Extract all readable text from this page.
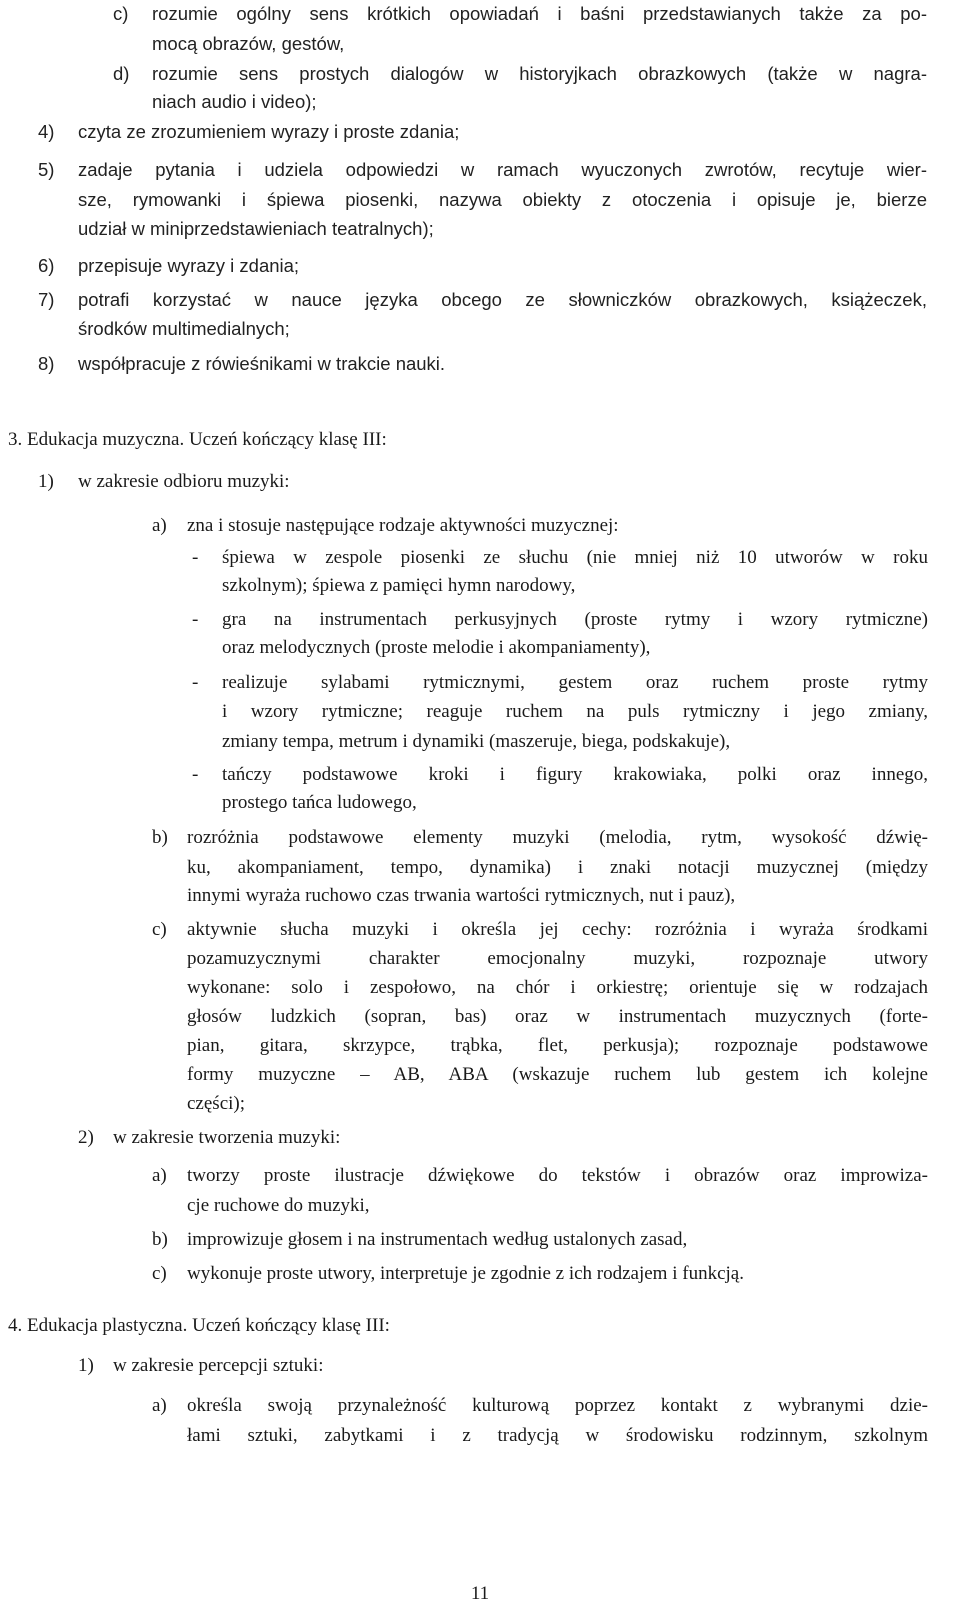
c) rozumie ogólny sens krótkich opowiadań i baśni przedstawianych także za po-
mocą obrazów, gestów,
d) rozumie sens prostych dialogów w historyjkach obrazkowych (także w nagra-
niach audio i video);
4) czyta ze zrozumieniem wyrazy i proste zdania;
5) zadaje pytania i udziela odpowiedzi w ramach wyuczonych zwrotów, recytuje wier-
sze, rymowanki i śpiewa piosenki, nazywa obiekty z otoczenia i opisuje je, bierze
udział w miniprzedstawieniach teatralnych);
6) przepisuje wyrazy i zdania;
7) potrafi korzystać w nauce języka obcego ze słowniczków obrazkowych, książeczek,
środków multimedialnych;
8) współpracuje z rówieśnikami w trakcie nauki.
3. Edukacja muzyczna. Uczeń kończący klasę III:
1) w zakresie odbioru muzyki:
a) zna i stosuje następujące rodzaje aktywności muzycznej:
- śpiewa w zespole piosenki ze słuchu (nie mniej niż 10 utworów w roku
szkolnym); śpiewa z pamięci hymn narodowy,
- gra na instrumentach perkusyjnych (proste rytmy i wzory rytmiczne)
oraz melodycznych (proste melodie i akompaniamenty),
- realizuje sylabami rytmicznymi, gestem oraz ruchem proste rytmy
i wzory rytmiczne; reaguje ruchem na puls rytmiczny i jego zmiany,
zmiany tempa, metrum i dynamiki (maszeruje, biega, podskakuje),
- tańczy podstawowe kroki i figury krakowiaka, polki oraz innego,
prostego tańca ludowego,
b) rozróżnia podstawowe elementy muzyki (melodia, rytm, wysokość dźwię-
ku, akompaniament, tempo, dynamika) i znaki notacji muzycznej (między
innymi wyraża ruchowo czas trwania wartości rytmicznych, nut i pauz),
c) aktywnie słucha muzyki i określa jej cechy: rozróżnia i wyraża środkami
pozamuzycznymi charakter emocjonalny muzyki, rozpoznaje utwory
wykonane: solo i zespołowo, na chór i orkiestrę; orientuje się w rodzajach
głosów ludzkich (sopran, bas) oraz w instrumentach muzycznych (forte-
pian, gitara, skrzypce, trąbka, flet, perkusja); rozpoznaje podstawowe
formy muzyczne – AB, ABA (wskazuje ruchem lub gestem ich kolejne
części);
2) w zakresie tworzenia muzyki:
a) tworzy proste ilustracje dźwiękowe do tekstów i obrazów oraz improwiza-
cje ruchowe do muzyki,
b) improwizuje głosem i na instrumentach według ustalonych zasad,
c) wykonuje proste utwory, interpretuje je zgodnie z ich rodzajem i funkcją.
4. Edukacja plastyczna. Uczeń kończący klasę III:
1) w zakresie percepcji sztuki:
a) określa swoją przynależność kulturową poprzez kontakt z wybranymi dzie-
łami sztuki, zabytkami i z tradycją w środowisku rodzinnym, szkolnym
11
